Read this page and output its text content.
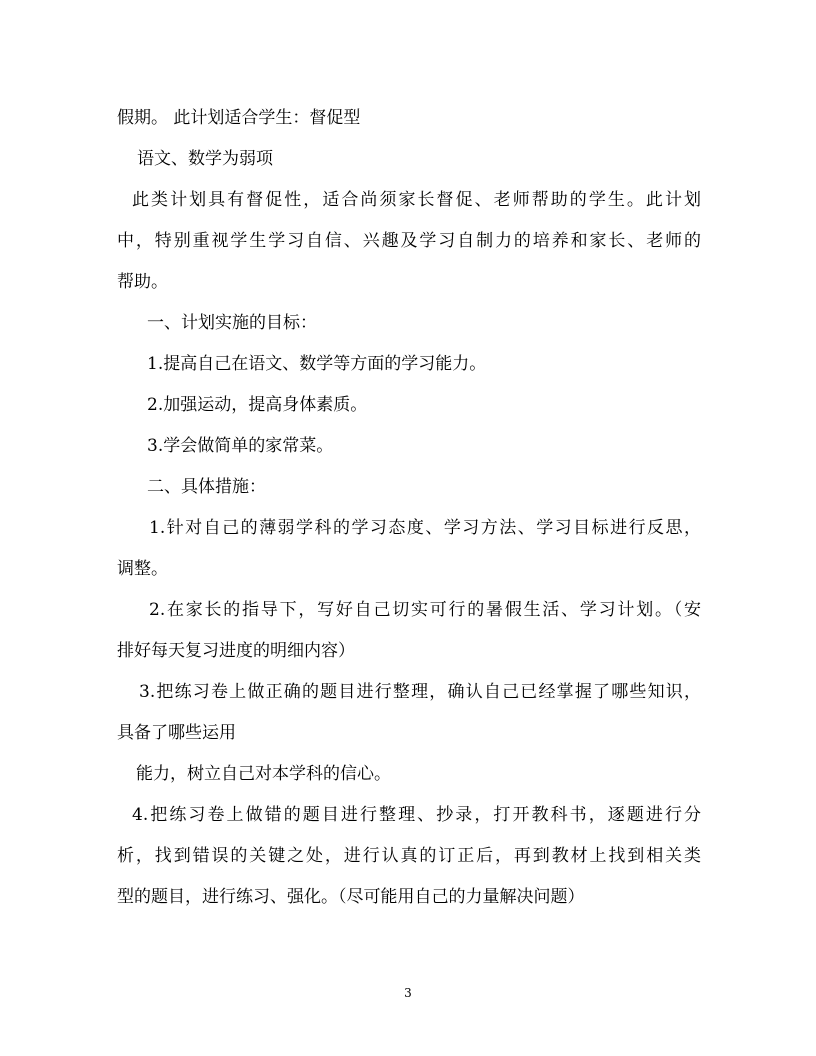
假期。 此计划适合学生：督促型
语文、数学为弱项
此类计划具有督促性，适合尚须家长督促、老师帮助的学生。此计划
中，特别重视学生学习自信、兴趣及学习自制力的培养和家长、老师的
帮助。
一、计划实施的目标：
1.提高自己在语文、数学等方面的学习能力。
2.加强运动，提高身体素质。
3.学会做简单的家常菜。
二、具体措施：
1.针对自己的薄弱学科的学习态度、学习方法、学习目标进行反思，
调整。
2.在家长的指导下，写好自己切实可行的暑假生活、学习计划。（安
排好每天复习进度的明细内容）
3.把练习卷上做正确的题目进行整理，确认自己已经掌握了哪些知识，
具备了哪些运用
能力，树立自己对本学科的信心。
4.把练习卷上做错的题目进行整理、抄录，打开教科书，逐题进行分
析，找到错误的关键之处，进行认真的订正后，再到教材上找到相关类
型的题目，进行练习、强化。（尽可能用自己的力量解决问题）
3
